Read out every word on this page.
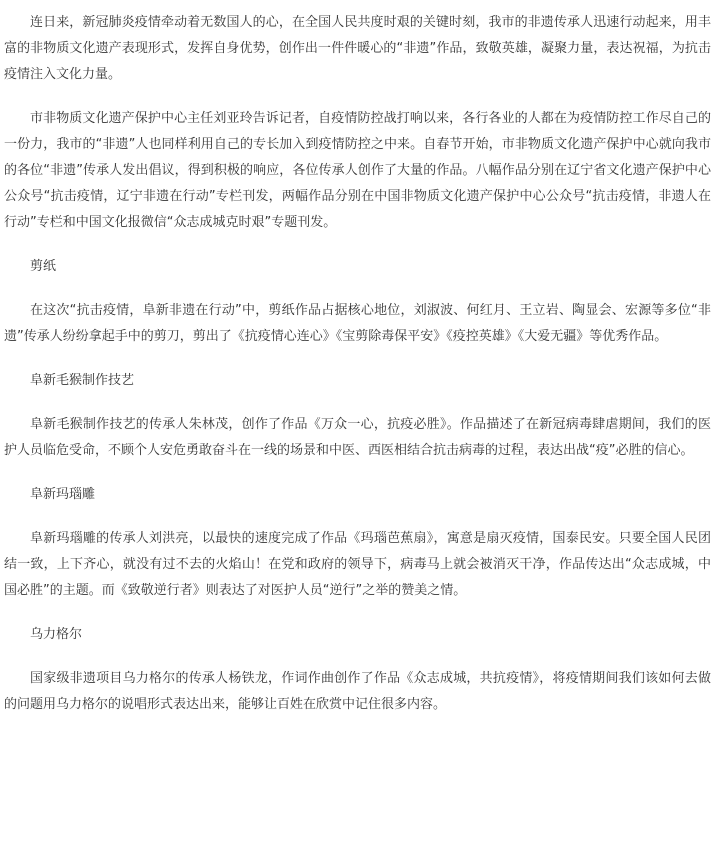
连日来，新冠肺炎疫情牵动着无数国人的心，在全国人民共度时艰的关键时刻，我市的非遗传承人迅速行动起来，用丰富的非物质文化遗产表现形式，发挥自身优势，创作出一件件暖心的“非遗”作品，致敬英雄，凝聚力量，表达祝福，为抗击疫情注入文化力量。

市非物质文化遗产保护中心主任刘亚玲告诉记者，自疫情防控战打响以来，各行各业的人都在为疫情防控工作尽自己的一份力，我市的“非遗”人也同样利用自己的专长加入到疫情防控之中来。自春节开始，市非物质文化遗产保护中心就向我市的各位“非遗”传承人发出倡议，得到积极的响应，各位传承人创作了大量的作品。八幅作品分别在辽宁省文化遗产保护中心公众号“抗击疫情，辽宁非遗在行动”专栏刊发，两幅作品分别在中国非物质文化遗产保护中心公众号“抗击疫情，非遗人在行动”专栏和中国文化报微信“众志成城克时艰”专题刊发。

剪纸

在这次“抗击疫情，阜新非遗在行动”中，剪纸作品占据核心地位，刘淑波、何红月、王立岩、陶显会、宏源等多位“非遗”传承人纷纷拿起手中的剪刀，剪出了《抗疫情心连心》《宝剪除毒保平安》《疫控英雄》《大爱无疆》等优秀作品。

阜新毛猴制作技艺

阜新毛猴制作技艺的传承人朱林茂，创作了作品《万众一心，抗疫必胜》。作品描述了在新冠病毒肆虐期间，我们的医护人员临危受命，不顾个人安危勇敢奋斗在一线的场景和中医、西医相结合抗击病毒的过程，表达出战“疫”必胜的信心。

阜新玛瑙雕

阜新玛瑙雕的传承人刘洪亮，以最快的速度完成了作品《玛瑙芭蕉扇》，寓意是扇灭疫情，国泰民安。只要全国人民团结一致，上下齐心，就没有过不去的火焰山！在党和政府的领导下，病毒马上就会被消灭干净，作品传达出“众志成城，中国必胜”的主题。而《致敬逆行者》则表达了对医护人员“逆行”之举的赞美之情。

乌力格尔

国家级非遗项目乌力格尔的传承人杨铁龙，作词作曲创作了作品《众志成城，共抗疫情》，将疫情期间我们该如何去做的问题用乌力格尔的说唱形式表达出来，能够让百姓在欣赏中记住很多内容。
